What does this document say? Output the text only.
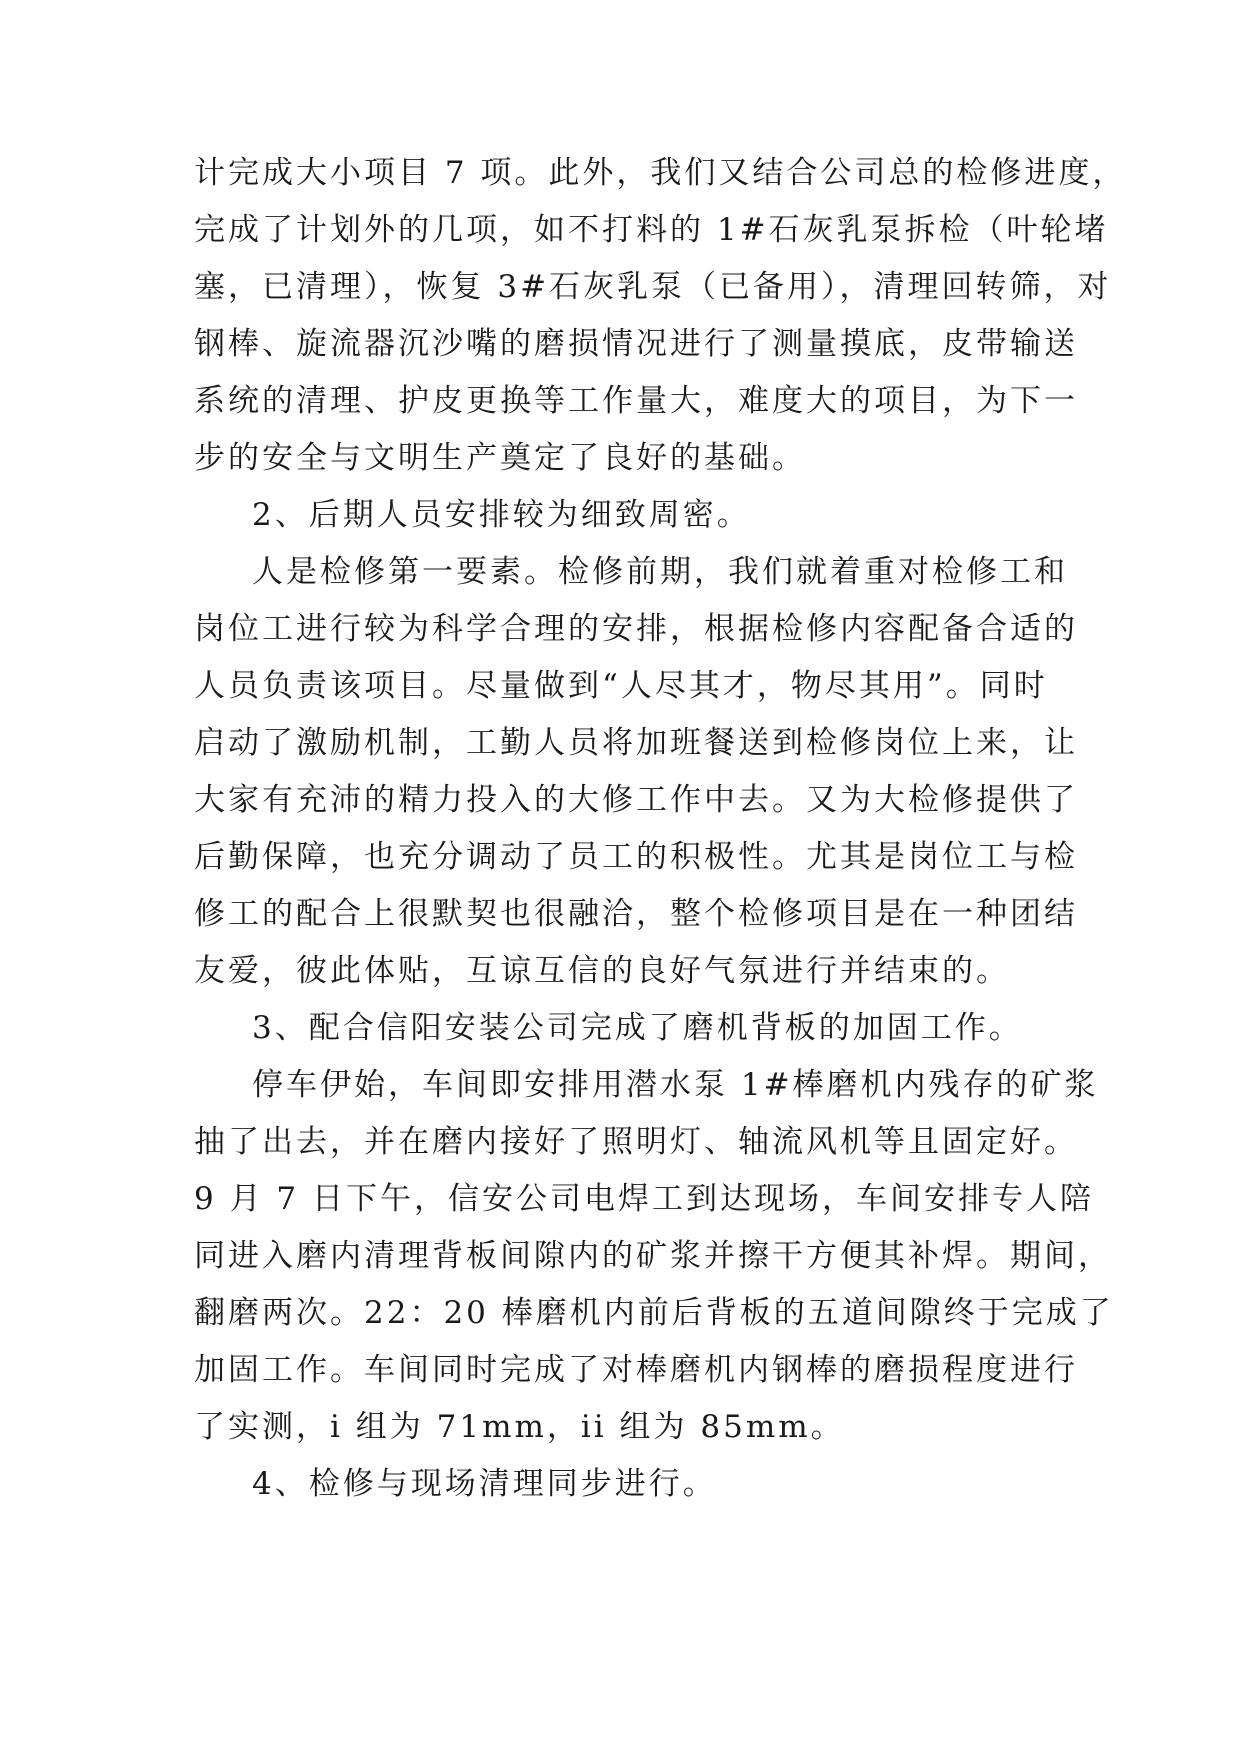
计完成大小项目 7 项。此外，我们又结合公司总的检修进度，
完成了计划外的几项，如不打料的 1#石灰乳泵拆检（叶轮堵
塞，已清理），恢复 3#石灰乳泵（已备用），清理回转筛，对
钢棒、旋流器沉沙嘴的磨损情况进行了测量摸底，皮带输送
系统的清理、护皮更换等工作量大，难度大的项目，为下一
步的安全与文明生产奠定了良好的基础。
2、后期人员安排较为细致周密。
人是检修第一要素。检修前期，我们就着重对检修工和
岗位工进行较为科学合理的安排，根据检修内容配备合适的
人员负责该项目。尽量做到“人尽其才，物尽其用”。同时
启动了激励机制，工勤人员将加班餐送到检修岗位上来，让
大家有充沛的精力投入的大修工作中去。又为大检修提供了
后勤保障，也充分调动了员工的积极性。尤其是岗位工与检
修工的配合上很默契也很融洽，整个检修项目是在一种团结
友爱，彼此体贴，互谅互信的良好气氛进行并结束的。
3、配合信阳安装公司完成了磨机背板的加固工作。
停车伊始，车间即安排用潜水泵 1#棒磨机内残存的矿浆
抽了出去，并在磨内接好了照明灯、轴流风机等且固定好。
9 月 7 日下午，信安公司电焊工到达现场，车间安排专人陪
同进入磨内清理背板间隙内的矿浆并擦干方便其补焊。期间，
翻磨两次。22：20 棒磨机内前后背板的五道间隙终于完成了
加固工作。车间同时完成了对棒磨机内钢棒的磨损程度进行
了实测，i 组为 71mm，ii 组为 85mm。
4、检修与现场清理同步进行。
